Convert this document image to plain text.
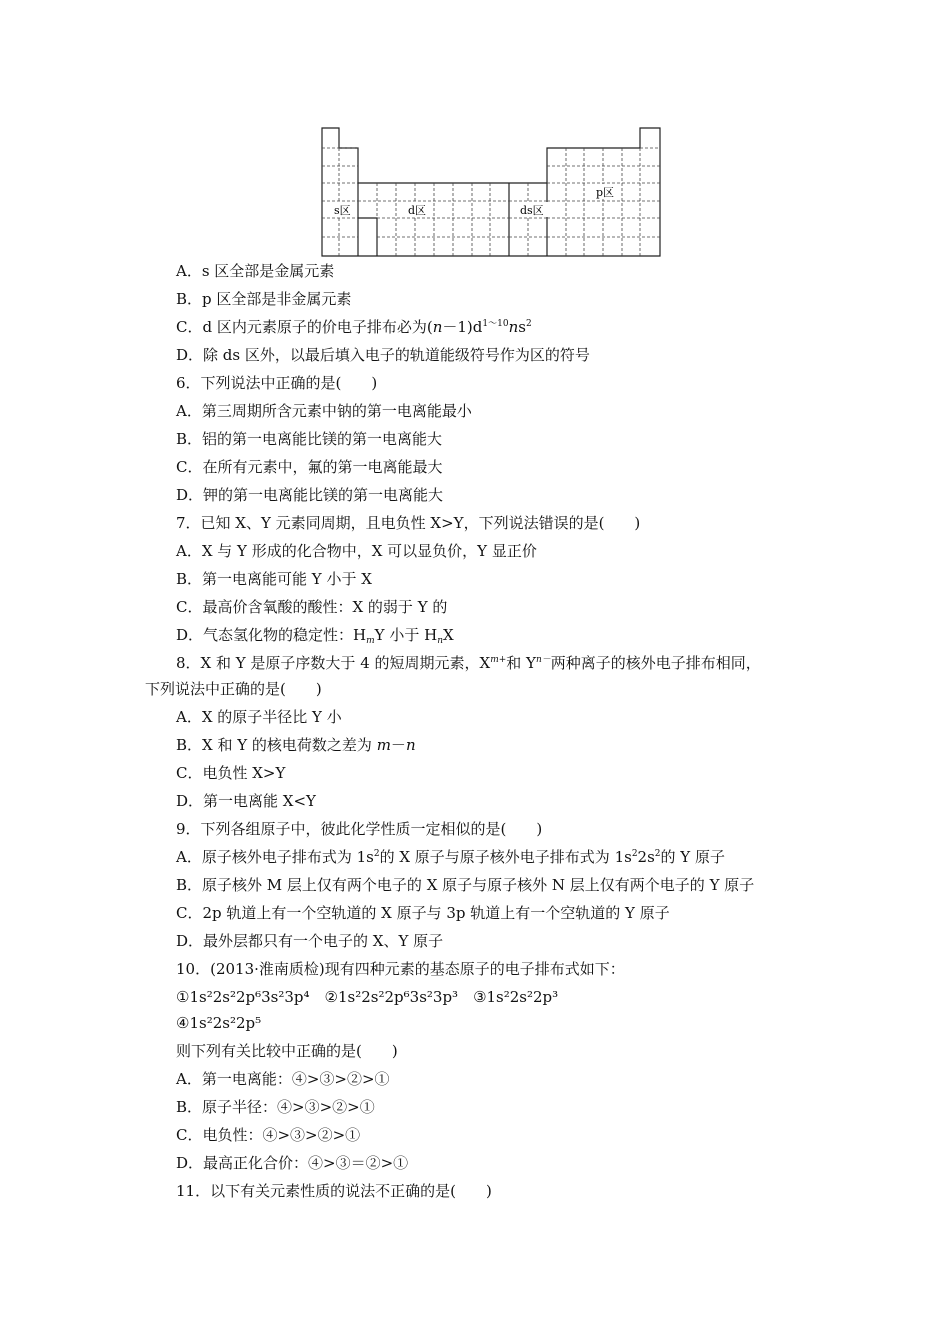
s区	d区	ds区
p区
A．s 区全部是金属元素
B．p 区全部是非金属元素
C．d 区内元素原子的价电子排布必为$(n-1)d^{1\sim 10}ns^2$
D．除 ds 区外，以最后填入电子的轨道能级符号作为区的符号
6．下列说法中正确的是(　　)
A．第三周期所含元素中钠的第一电离能最小
B．铝的第一电离能比镁的第一电离能大
C．在所有元素中，氟的第一电离能最大
D．钾的第一电离能比镁的第一电离能大
7．已知 X、Y 元素同周期，且电负性 X>Y，下列说法错误的是(　　)
A．X 与 Y 形成的化合物中，X 可以显负价，Y 显正价
B．第一电离能可能 Y 小于 X
C．最高价含氧酸的酸性：X 的弱于 Y 的
D．气态氢化物的稳定性：$H_mY$ 小于 $H_nX$
8．X 和 Y 是原子序数大于 4 的短周期元素，$X^{m+}$和 $Y^{n-}$两种离子的核外电子排布相同，
下列说法中正确的是(　　)
A．X 的原子半径比 Y 小
B．X 和 Y 的核电荷数之差为 m－n
C．电负性 X>Y
D．第一电离能 X<Y
9．下列各组原子中，彼此化学性质一定相似的是(　　)
A．原子核外电子排布式为 $1s^2$的 X 原子与原子核外电子排布式为 $1s^22s^2$的 Y 原子
B．原子核外 M 层上仅有两个电子的 X 原子与原子核外 N 层上仅有两个电子的 Y 原子
C．2p 轨道上有一个空轨道的 X 原子与 3p 轨道上有一个空轨道的 Y 原子
D．最外层都只有一个电子的 X、Y 原子
10．(2013·淮南质检)现有四种元素的基态原子的电子排布式如下：
①1s²2s²2p⁶3s²3p⁴  ②1s²2s²2p⁶3s²3p³  ③1s²2s²2p³
④1s²2s²2p⁵
则下列有关比较中正确的是(　　)
A．第一电离能：④>③>②>①
B．原子半径：④>③>②>①
C．电负性：④>③>②>①
D．最高正化合价：④>③＝②>①
11．以下有关元素性质的说法不正确的是(　　)
